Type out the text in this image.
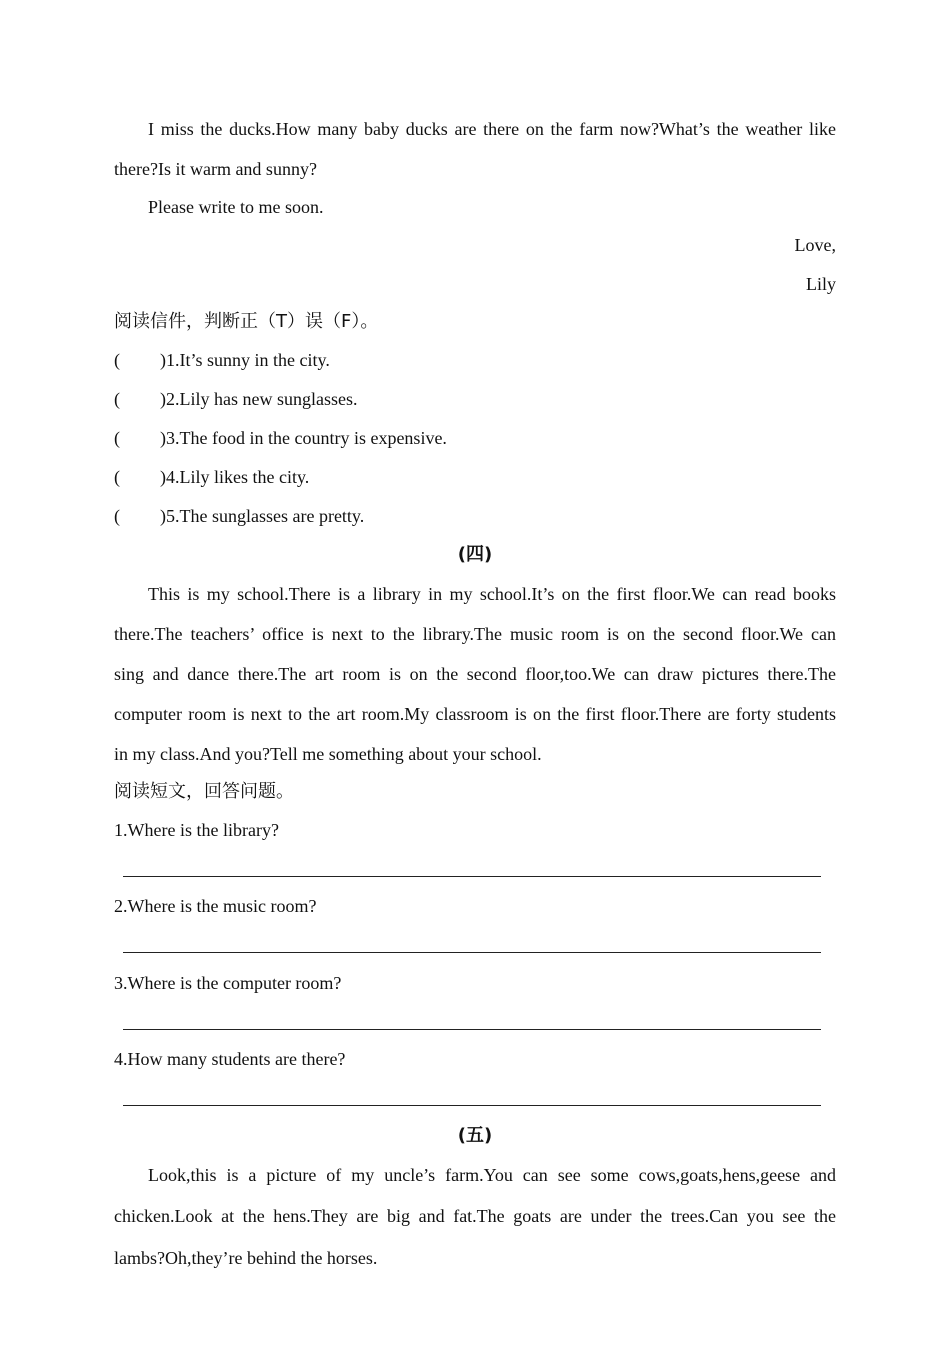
I miss the ducks.How many baby ducks are there on the farm now?What’s the weather like

there?Is it warm and sunny?

Please write to me soon.

Love,

Lily

阅读信件，判断正（T）误（F）。

( )1.It’s sunny in the city.
( )2.Lily has new sunglasses.
( )3.The food in the country is expensive.
( )4.Lily likes the city.
( )5.The sunglasses are pretty.
(四)

This is my school.There is a library in my school.It’s on the first floor.We can read books

there.The teachers’ office is next to the library.The music room is on the second floor.We can

sing and dance there.The art room is on the second floor,too.We can draw pictures there.The

computer room is next to the art room.My classroom is on the first floor.There are forty students

in my class.And you?Tell me something about your school.

阅读短文，回答问题。

1.Where is the library?

2.Where is the music room?

3.Where is the computer room?

4.How many students are there?

(五)

Look,this is a picture of my uncle’s farm.You can see some cows,goats,hens,geese and

chicken.Look at the hens.They are big and fat.The goats are under the trees.Can you see the

lambs?Oh,they’re behind the horses.
